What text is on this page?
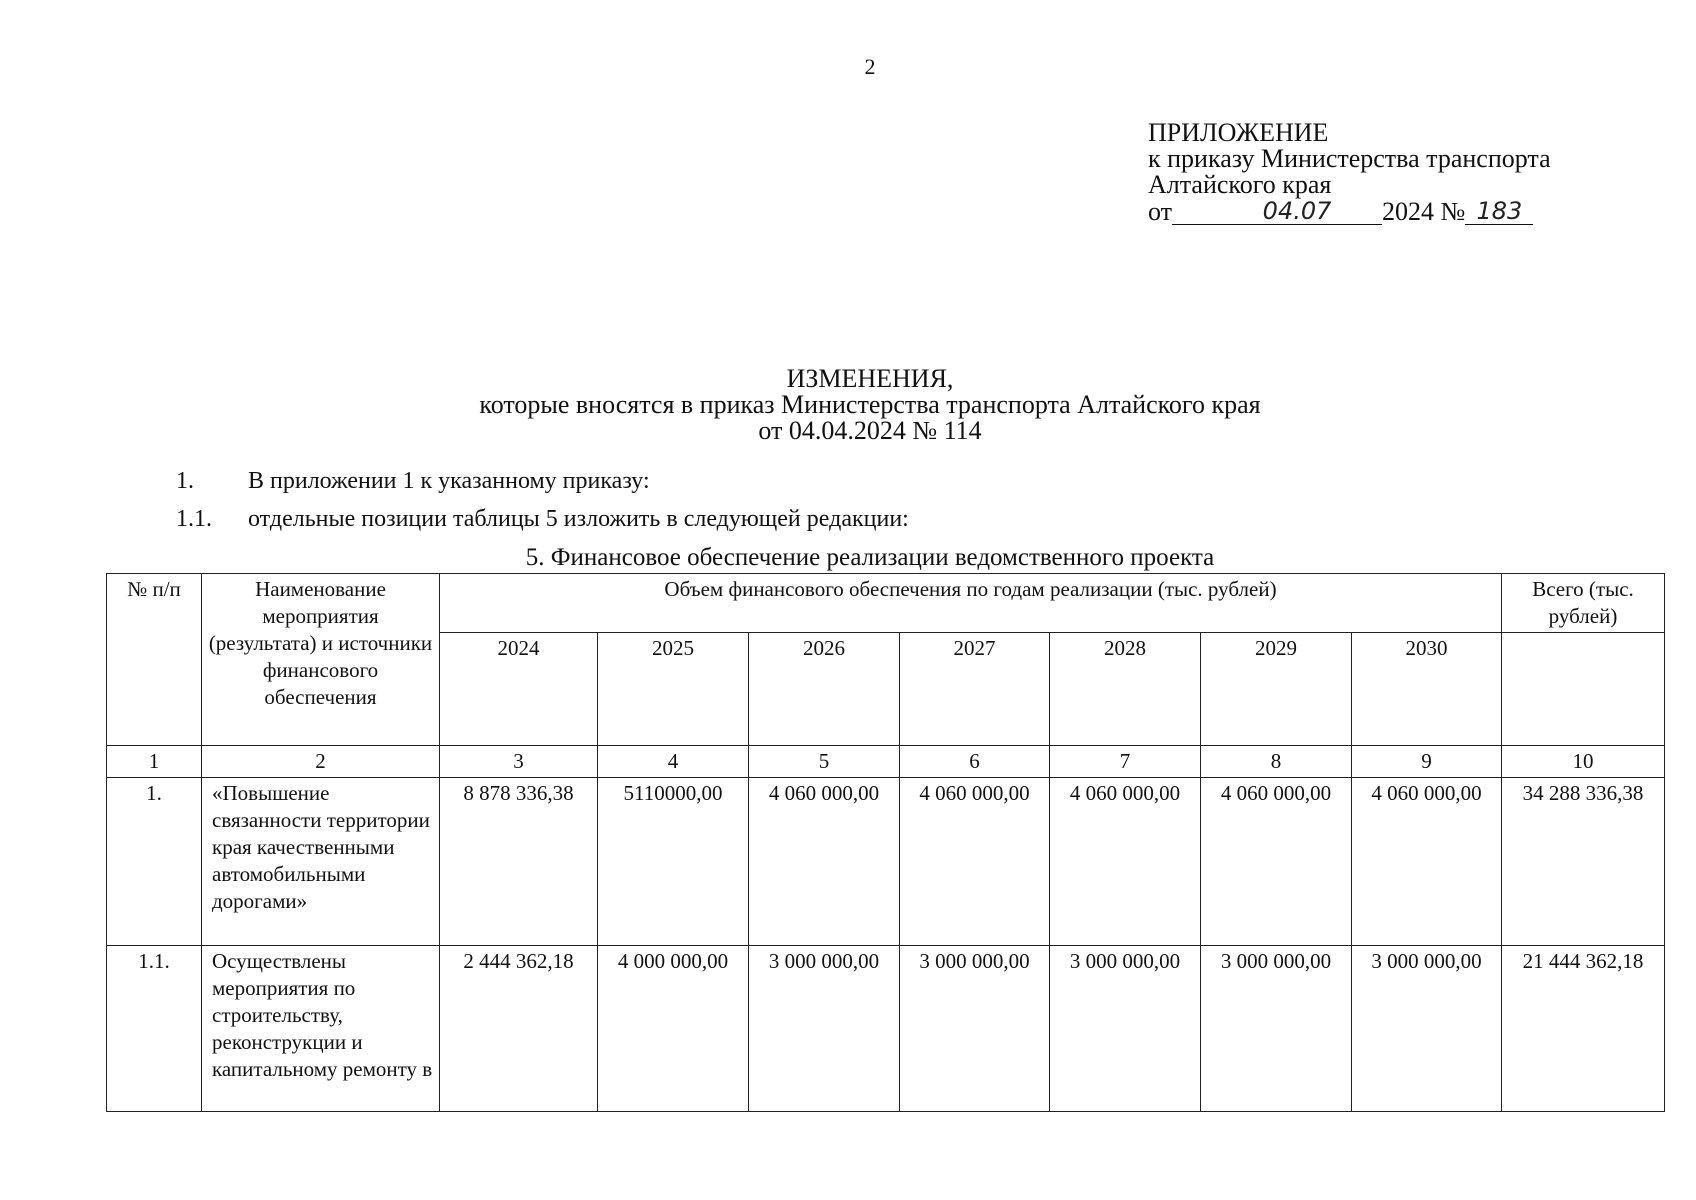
2
ПРИЛОЖЕНИЕ
к приказу Министерства транспорта
Алтайского края
от	04.07	2024 № 183
ИЗМЕНЕНИЯ,
которые вносятся в приказ Министерства транспорта Алтайского края
от 04.04.2024 № 114
1. В приложении 1 к указанному приказу:
1.1. отдельные позиции таблицы 5 изложить в следующей редакции:
5. Финансовое обеспечение реализации ведомственного проекта
№ п/п	Наименование мероприятия (результата) и источники финансового обеспечения	Объем финансового обеспечения по годам реализации (тыс. рублей)							Всего (тыс. рублей)
		2024	2025	2026	2027	2028	2029	2030	
1	2	3	4	5	6	7	8	9	10
1.	«Повышение связанности территории края качественными автомобильными дорогами»	8 878 336,38	5110000,00	4 060 000,00	4 060 000,00	4 060 000,00	4 060 000,00	4 060 000,00	34 288 336,38
1.1.	Осуществлены мероприятия по строительству, реконструкции и капитальному ремонту в	2 444 362,18	4 000 000,00	3 000 000,00	3 000 000,00	3 000 000,00	3 000 000,00	3 000 000,00	21 444 362,18
